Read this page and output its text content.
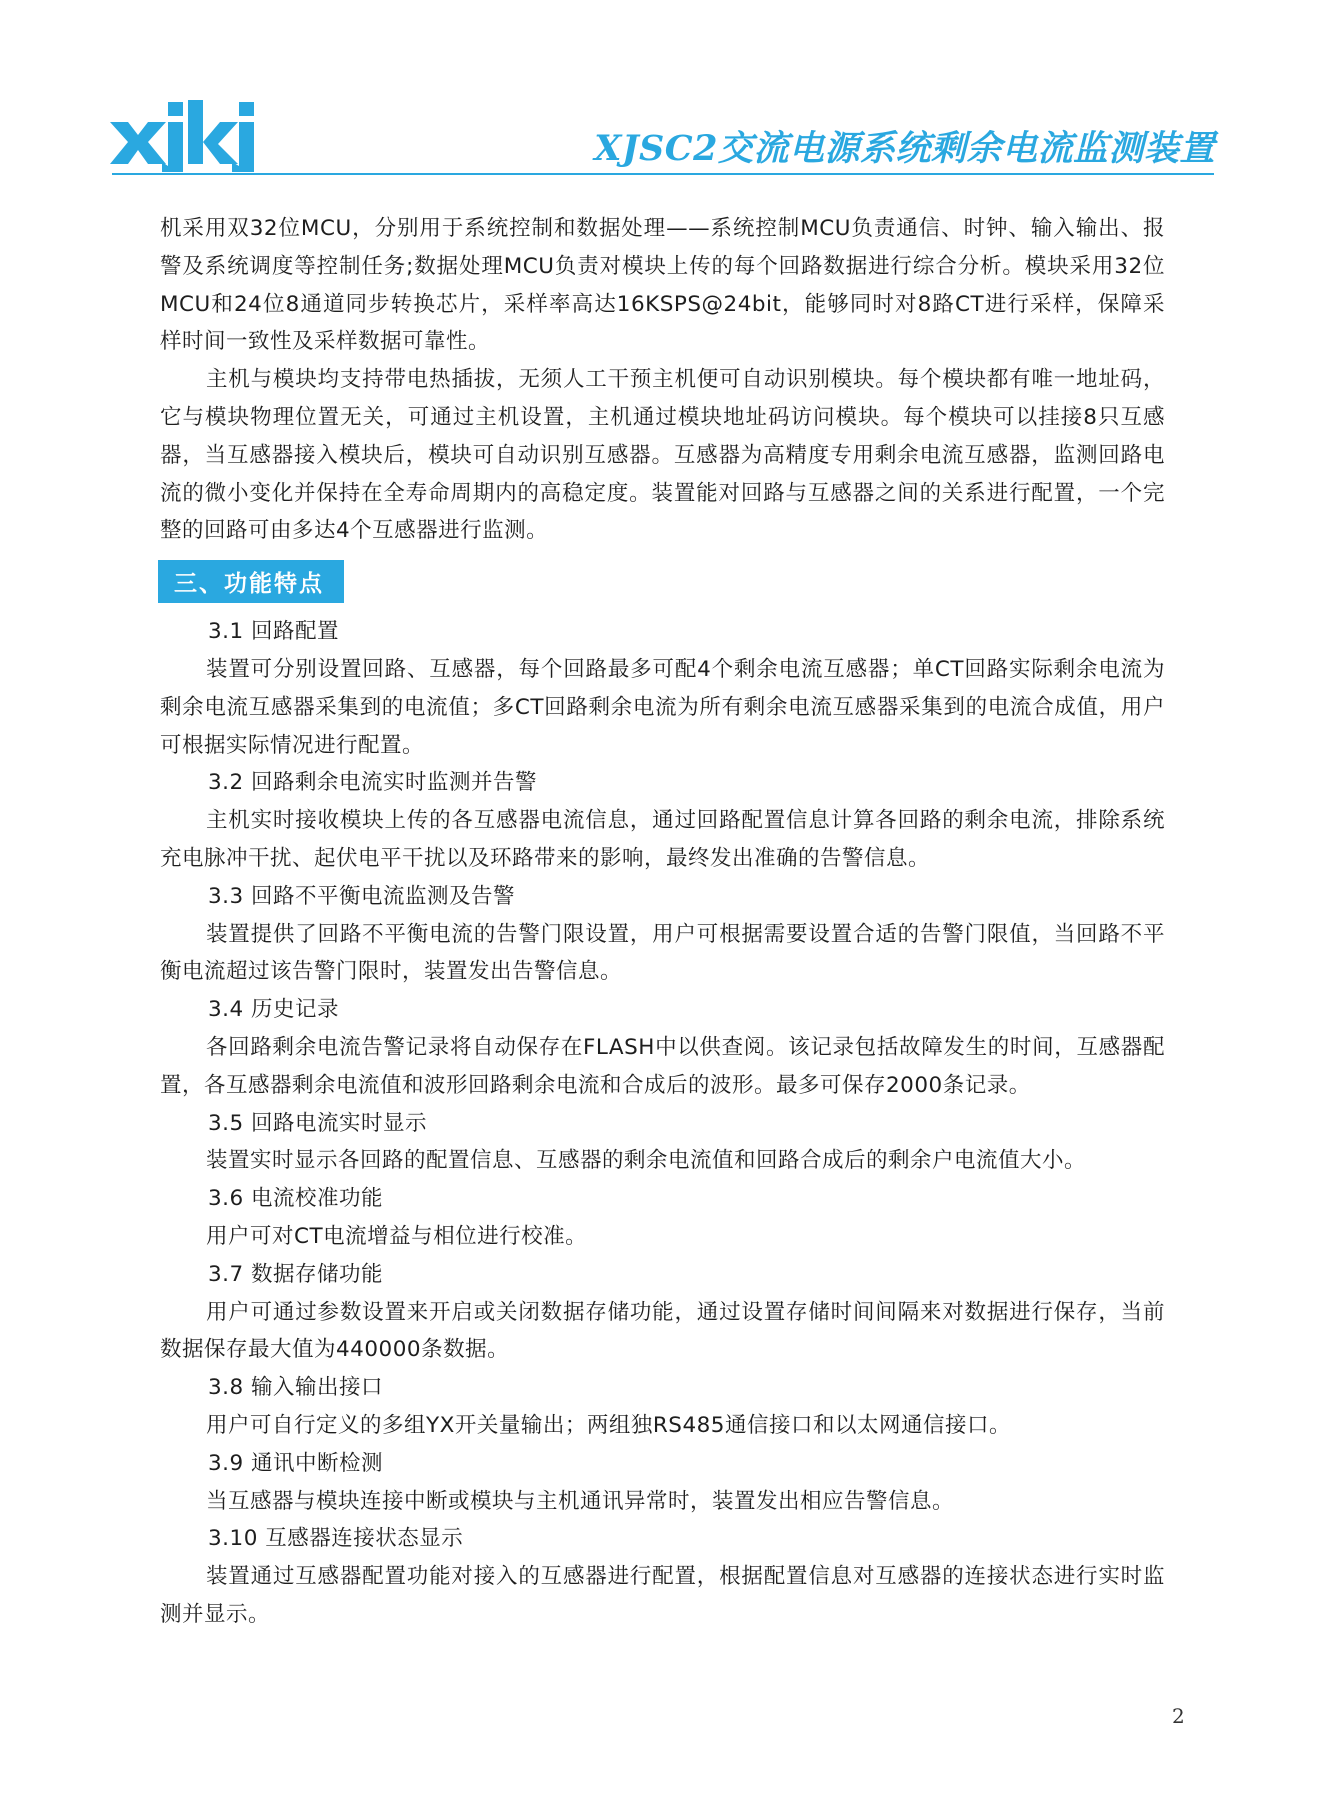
XJSC2交流电源系统剩余电流监测装置

机采用双32位MCU，分别用于系统控制和数据处理——系统控制MCU负责通信、时钟、输入输出、报警及系统调度等控制任务;数据处理MCU负责对模块上传的每个回路数据进行综合分析。模块采用32位MCU和24位8通道同步转换芯片，采样率高达16KSPS@24bit，能够同时对8路CT进行采样，保障采样时间一致性及采样数据可靠性。

主机与模块均支持带电热插拔，无须人工干预主机便可自动识别模块。每个模块都有唯一地址码，它与模块物理位置无关，可通过主机设置，主机通过模块地址码访问模块。每个模块可以挂接8只互感器，当互感器接入模块后，模块可自动识别互感器。互感器为高精度专用剩余电流互感器，监测回路电流的微小变化并保持在全寿命周期内的高稳定度。装置能对回路与互感器之间的关系进行配置，一个完整的回路可由多达4个互感器进行监测。

三、功能特点

3.1 回路配置

装置可分别设置回路、互感器，每个回路最多可配4个剩余电流互感器；单CT回路实际剩余电流为剩余电流互感器采集到的电流值；多CT回路剩余电流为所有剩余电流互感器采集到的电流合成值，用户可根据实际情况进行配置。

3.2 回路剩余电流实时监测并告警

主机实时接收模块上传的各互感器电流信息，通过回路配置信息计算各回路的剩余电流，排除系统充电脉冲干扰、起伏电平干扰以及环路带来的影响，最终发出准确的告警信息。

3.3 回路不平衡电流监测及告警

装置提供了回路不平衡电流的告警门限设置，用户可根据需要设置合适的告警门限值，当回路不平衡电流超过该告警门限时，装置发出告警信息。

3.4 历史记录

各回路剩余电流告警记录将自动保存在FLASH中以供查阅。该记录包括故障发生的时间，互感器配置，各互感器剩余电流值和波形回路剩余电流和合成后的波形。最多可保存2000条记录。

3.5 回路电流实时显示

装置实时显示各回路的配置信息、互感器的剩余电流值和回路合成后的剩余户电流值大小。

3.6 电流校准功能

用户可对CT电流增益与相位进行校准。

3.7 数据存储功能

用户可通过参数设置来开启或关闭数据存储功能，通过设置存储时间间隔来对数据进行保存，当前数据保存最大值为440000条数据。

3.8 输入输出接口

用户可自行定义的多组YX开关量输出；两组独RS485通信接口和以太网通信接口。

3.9 通讯中断检测

当互感器与模块连接中断或模块与主机通讯异常时，装置发出相应告警信息。

3.10 互感器连接状态显示

装置通过互感器配置功能对接入的互感器进行配置，根据配置信息对互感器的连接状态进行实时监测并显示。

2
